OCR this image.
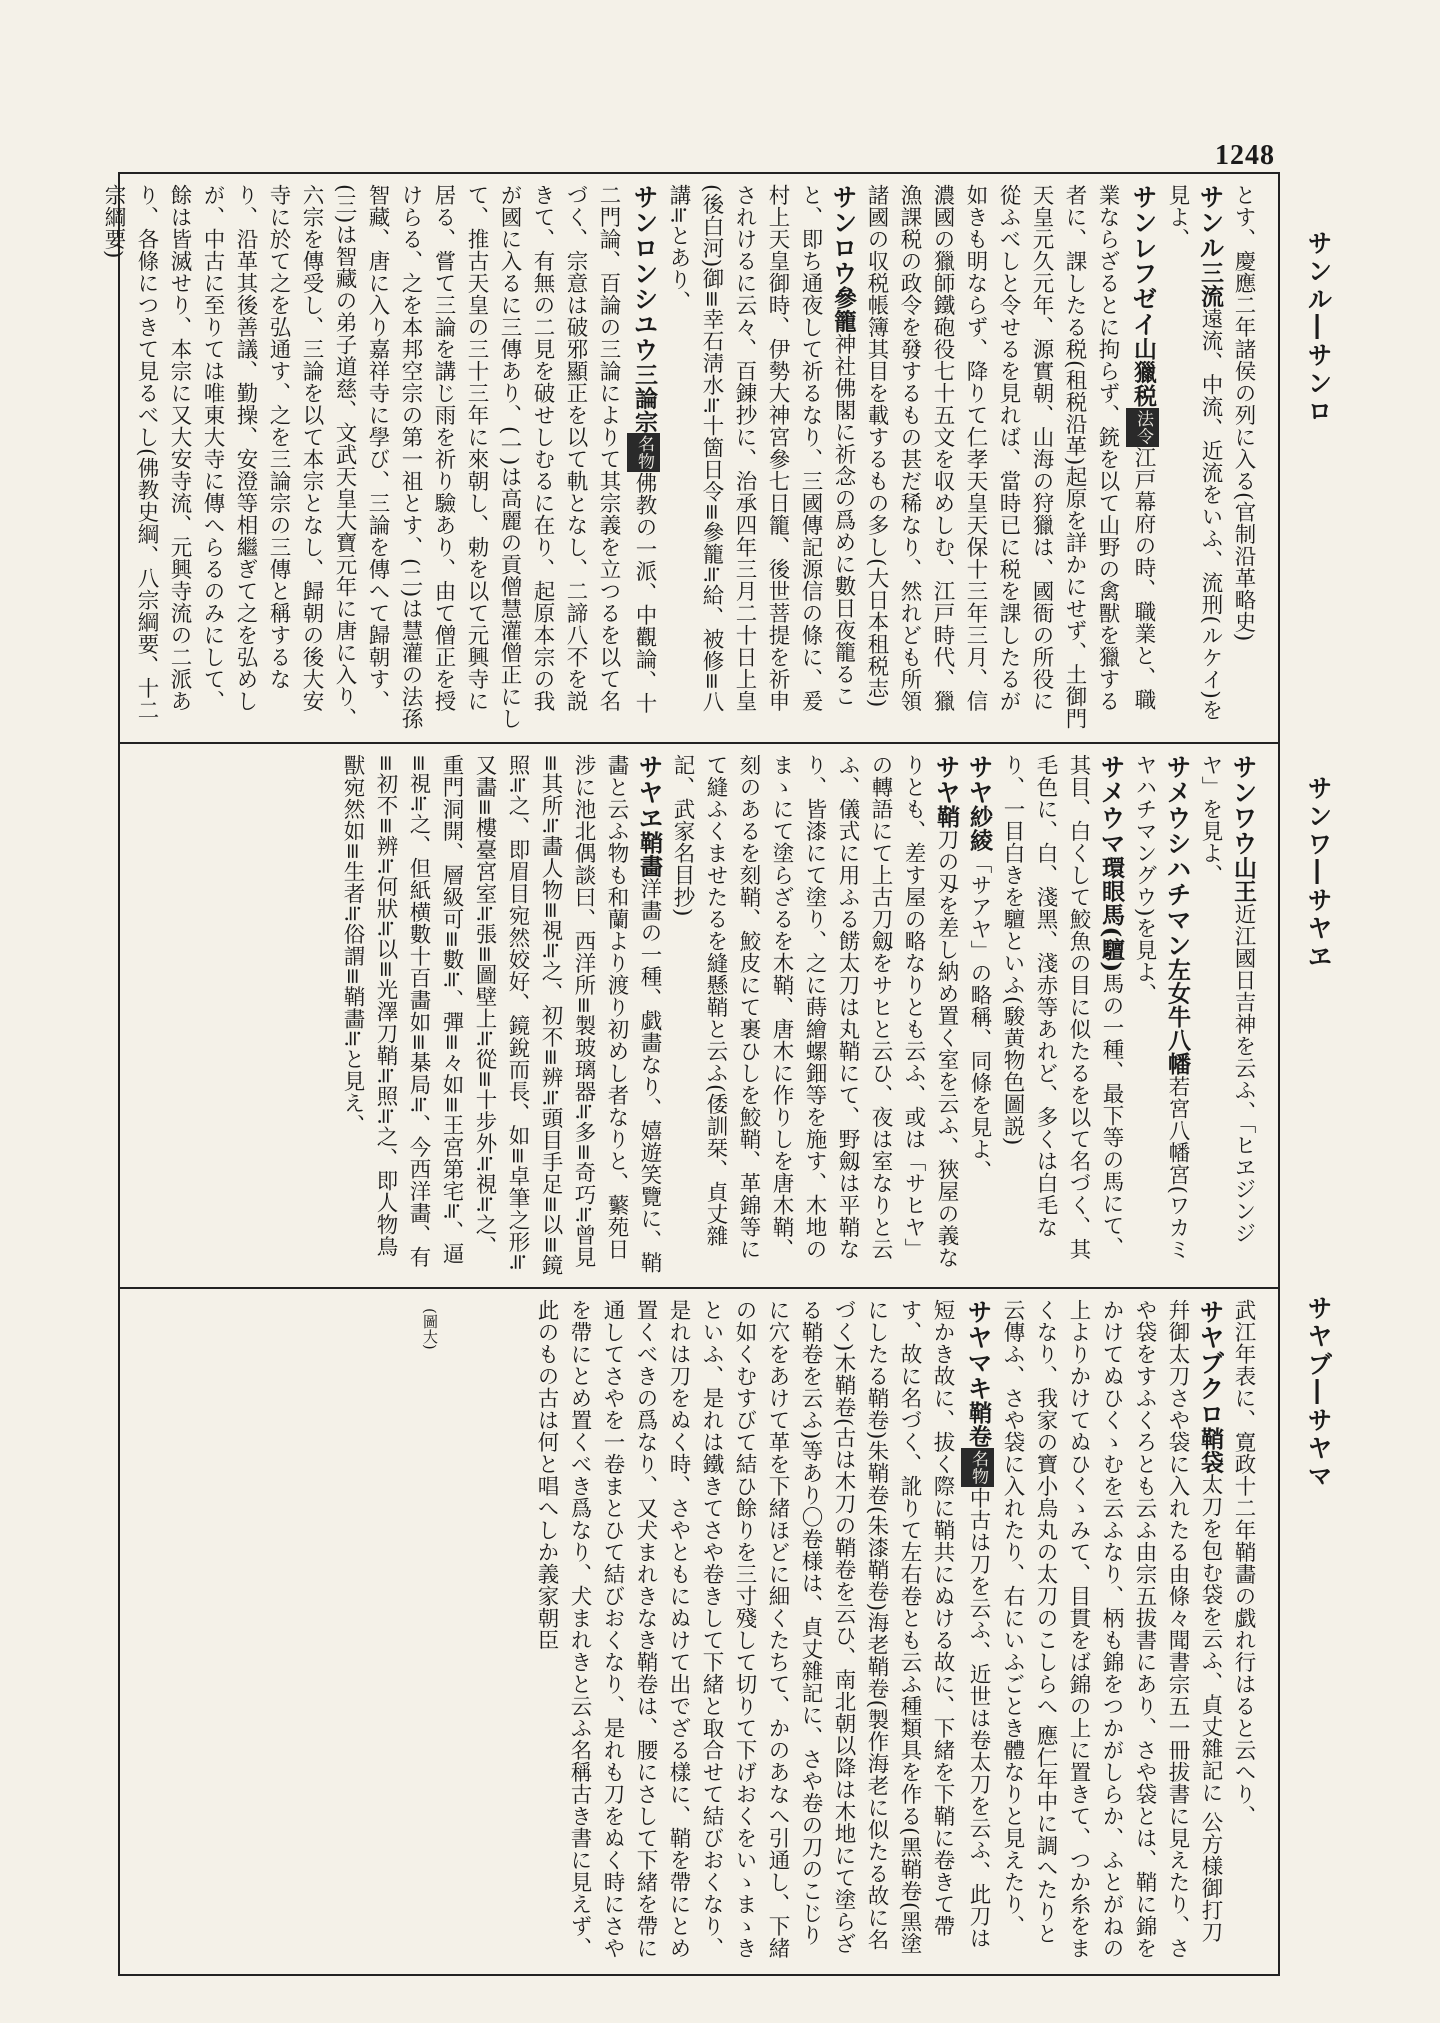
1248
サンル―サンロ
サンワ―サヤヱ
サヤブ―サヤマ
とす、慶應二年諸侯の列に入る(官制沿革略史)
サンル三流遠流、中流、近流をいふ、流刑(ルケイ)を見よ、
サンレフゼイ山獵税法令江戸幕府の時、職業と、職業ならざるとに拘らず、銃を以て山野の禽獸を獵する者に、課したる税(租税沿革)起原を詳かにせず、土御門天皇元久元年、源實朝、山海の狩獵は、國衙の所役に從ふべしと令せるを見れば、當時已に税を課したるが如きも明ならず、降りて仁孝天皇天保十三年三月、信濃國の獵師鐵砲役七十五文を収めしむ、江戸時代、獵漁課税の政令を發するもの甚だ稀なり、然れども所領諸國の収税帳簿其目を載するもの多し(大日本租税志)
サンロウ參籠神社佛閣に祈念の爲めに數日夜籠ること、即ち通夜して祈るなり、三國傳記源信の條に、爰村上天皇御時、伊勢大神宮參七日籠、後世菩提を祈申されけるに云々、百錬抄に、治承四年三月二十日上皇(後白河)御≡幸石淸水≒十箇日令≡參籠≒給、被修≡八講≒とあり、
サンロンシユウ三論宗名物佛教の一派、中觀論、十二門論、百論の三論によりて其宗義を立つるを以て名づく、宗意は破邪顯正を以て軌となし、二諦八不を説きて、有無の二見を破せしむるに在り、起原本宗の我が國に入るに三傳あり、(一)は高麗の貢僧慧灌僧正にして、推古天皇の三十三年に來朝し、勅を以て元興寺に居る、嘗て三論を講じ雨を祈り驗あり、由て僧正を授けらる、之を本邦空宗の第一祖とす、(二)は慧灌の法孫智藏、唐に入り嘉祥寺に學び、三論を傳へて歸朝す、(三)は智藏の弟子道慈、文武天皇大寶元年に唐に入り、六宗を傳受し、三論を以て本宗となし、歸朝の後大安寺に於て之を弘通す、之を三論宗の三傳と稱するなり、沿革其後善議、勤操、安澄等相繼ぎて之を弘めしが、中古に至りては唯東大寺に傳へらるのみにして、餘は皆滅せり、本宗に又大安寺流、元興寺流の二派あり、各條につきて見るべし(佛教史綱、八宗綱要、十二宗綱要)
サンワウ山王近江國日吉神を云ふ、「ヒヱジンジヤ」を見よ、
サメウシハチマン左女牛八幡若宮八幡宮(ワカミヤハチマングウ)を見よ、
サメウマ環眼馬(驙)馬の一種、最下等の馬にて、其目、白くして鮫魚の目に似たるを以て名づく、其毛色に、白、淺黑、淺赤等あれど、多くは白毛なり、一目白きを驙といふ(駿黄物色圖説)
サヤ紗綾「サアヤ」の略稱、同條を見よ、
サヤ鞘刀の刄を差し納め置く室を云ふ、狹屋の義なりとも、差す屋の略なりとも云ふ、或は「サヒヤ」の轉語にて上古刀劔をサヒと云ひ、夜は室なりと云ふ、儀式に用ふる餝太刀は丸鞘にて、野劔は平鞘なり、皆漆にて塗り、之に蒔繪螺鈿等を施す、木地のまゝにて塗らざるを木鞘、唐木に作りしを唐木鞘、刻のあるを刻鞘、鮫皮にて裹ひしを鮫鞘、革錦等にて縫ふくませたるを縫懸鞘と云ふ(倭訓栞、貞丈雜記、武家名目抄)
サヤヱ鞘畵洋畵の一種、戯畵なり、嬉遊笑覽に、鞘畵と云ふ物も和蘭より渡り初めし者なりと、蘩苑日涉に池北偶談曰、西洋所≡製玻璃器≒多≡奇巧≒曾見≡其所≒畵人物≡視≒之、初不≡辨≒頭目手足≡以≡鏡照≒之、即眉目宛然姣好、鏡銳而長、如≡卓筆之形≒又畵≡樓臺宮室≒張≡圖壁上≒從≡十步外≒視≒之、重門洞開、層級可≡數≒、彈≡々如≡王宮第宅≒、逼≡視≒之、但紙横數十百畵如≡棊局≒、今西洋畵、有≡初不≡辨≒何狀≒以≡光澤刀鞘≒照≒之、即人物鳥獸宛然如≡生者≒俗謂≡鞘畵≒と見え、
武江年表に、寛政十二年鞘畵の戯れ行はると云へり、
サヤブクロ鞘袋太刀を包む袋を云ふ、貞丈雜記に 公方様御打刀幷御太刀さや袋に入れたる由條々聞書宗五一冊拔書に見えたり、さや袋をすふくろとも云ふ由宗五拔書にあり、さや袋とは、鞘に錦をかけてぬひくゝむを云ふなり、柄も錦をつかがしらか、ふとがねの上よりかけてぬひくゝみて、目貫をば錦の上に置きて、つか糸をまくなり、我家の寶小烏丸の太刀のこしらへ 應仁年中に調へたりと云傳ふ、さや袋に入れたり、右にいふごとき體なりと見えたり、
サヤマキ鞘卷名物中古は刀を云ふ、近世は卷太刀を云ふ、此刀は短かき故に、拔く際に鞘共にぬける故に、下緒を下鞘に卷きて帶す、故に名づく、訛りて左右卷とも云ふ種類具を作る(黑鞘卷(黑塗にしたる鞘卷)朱鞘卷(朱漆鞘卷)海老鞘卷(製作海老に似たる故に名づく)木鞘卷(古は木刀の鞘卷を云ひ、南北朝以降は木地にて塗らざる鞘卷を云ふ)等あり〇卷様は、貞丈雜記に、さや卷の刀のこじりに穴をあけて革を下緒ほどに細くたちて、かのあなへ引通し、下緒の如くむすびて結ひ餘りを三寸殘して切りて下げおくをいゝまゝきといふ、是れは鐵きてさや卷きして下緒と取合せて結びおくなり、是れは刀をぬく時、さやともにぬけて出でざる樣に、鞘を帶にとめ置くべきの爲なり、又犬まれきなき鞘卷は、腰にさして下緒を帶に通してさやを一卷まとひて結びおくなり、是れも刀をぬく時にさやを帶にとめ置くべき爲なり、犬まれきと云ふ名稱古き書に見えず、此のもの古は何と唱へしか義家朝臣
(圖大)
